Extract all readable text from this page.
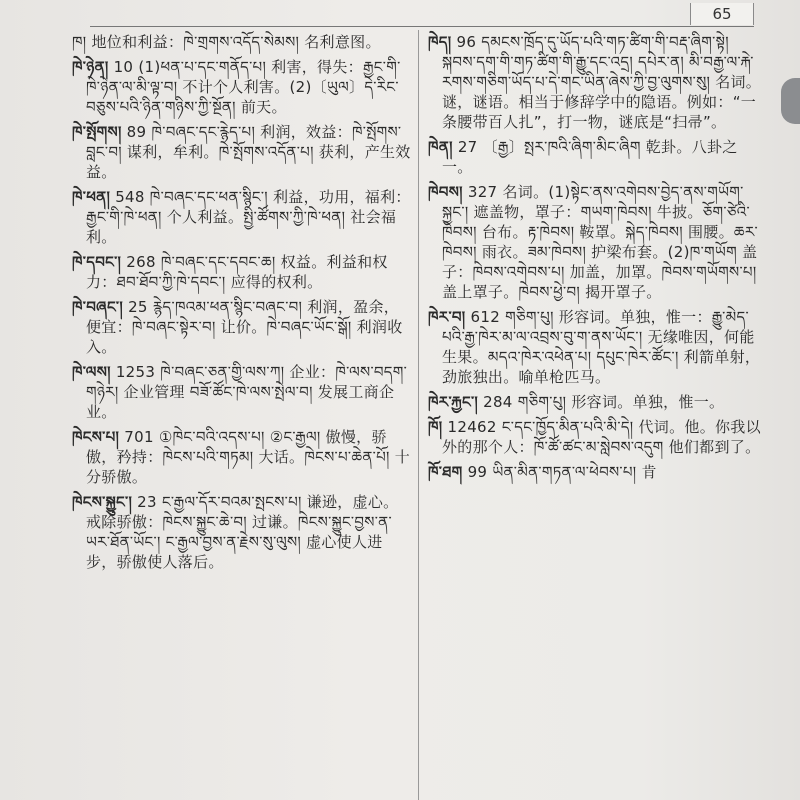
65

ཁ། 地位和利益：ཁེ་གྲགས་འདོད་སེམས། 名利意图。

ཁེ་ཉེན། 10 (1)ཕན་པ་དང་གནོད་པ། 利害，得失：རྒྱང་གི་ཁེ་ཉེན་ལ་མི་ལྟ་བ། 不计个人利害。(2)〔ཡུལ〕དེ་རིང་བཅུས་པའི་ཉིན་གཉིས་ཀྱི་སྔོན། 前天。

ཁེ་སྤོགས། 89 ཁེ་བཞང་དང་རྙེད་པ། 利润，效益：ཁེ་སྤོགས་བླང་བ། 谋利，牟利。ཁེ་སྤོགས་འདོན་པ། 获利，产生效益。

ཁེ་ཕན། 548 ཁེ་བཞང་དང་ཕན་སྙིང་། 利益，功用，福利：རྒྱང་གི་ཁེ་ཕན། 个人利益。སྤྱི་ཚོགས་ཀྱི་ཁེ་ཕན། 社会福利。

ཁེ་དབང་། 268 ཁེ་བཞང་དང་དབང་ཆ། 权益。利益和权力：ཐབ་ཐོབ་ཀྱི་ཁེ་དབང་། 应得的权利。

ཁེ་བཞང་། 25 རྙེད་ཁའམ་ཕན་སྙིང་བཞང་བ། 利润，盈余，便宜：ཁེ་བཞང་སྟེར་བ། 让价。ཁེ་བཞང་ཡོང་སྒོ། 利润收入。

ཁེ་ལས། 1253 ཁེ་བཞང་ཅན་གྱི་ལས་ཀ། 企业：ཁེ་ལས་བདག་གཉེར། 企业管理 བཟོ་ཚོང་ཁེ་ལས་སྤེལ་བ། 发展工商企业。

ཁེངས་པ། 701 ①ཁེང་བའི་འདས་པ། ②ང་རྒྱལ། 傲慢，骄傲，矜持：ཁེངས་པའི་གཏམ། 大话。ཁེངས་པ་ཆེན་པོ། 十分骄傲。

ཁེངས་སྐྱུང་། 23 ང་རྒྱལ་དོར་བའམ་སྤངས་པ། 谦逊，虚心。戒除骄傲：ཁེངས་སྐྱུང་ཆེ་བ། 过谦。ཁེངས་སྐྱུང་བྱས་ན་ཡར་ཐོན་ཡོང་། ང་རྒྱལ་བྱས་ན་རྗེས་སུ་ལུས། 虚心使人进步，骄傲使人落后。

ཁེད། 96 དམངས་ཁྲོད་དུ་ཡོད་པའི་གཏ་ཚིག་གི་བརྡ་ཞིག་སྟེ། སྐབས་དག་གི་གཏ་ཚིག་གི་རྒྱུ་དང་འདྲ། དཔེར་ན། མི་བརྒྱ་ལ་རྐེ་རགས་གཅིག་ཡོད་པ་དེ་གང་ཡིན་ཞེས་ཀྱི་བྱ་ལུགས་སུ། 名词。谜，谜语。相当于修辞学中的隐语。例如：“一条腰带百人扎”，打一物，谜底是“扫帚”。

ཁེན། 27 〔རྒྱ〕སྤར་ཁའི་ཞིག་མིང་ཞིག 乾卦。八卦之一。

ཁེབས། 327 名词。(1)སྟེང་ནས་འགེབས་བྱེད་ནས་གཡོག་སྐྱང་། 遮盖物，罩子：གཡག་ཁེབས། 牛披。ཅོག་ཙེའི་ཁེབས། 台布。རྟ་ཁེབས། 鞍罩。སྐེད་ཁེབས། 围腰。ཆར་ཁེབས། 雨衣。ཟམ་ཁེབས། 护梁布套。(2)ཁ་གཡོག 盖子：ཁེབས་འགེབས་པ། 加盖，加罩。ཁེབས་གཡོགས་པ། 盖上罩子。ཁེབས་ཕྱེ་བ། 揭开罩子。

ཁེར་བ། 612 གཅིག་པུ། 形容词。单独，惟一：རྒྱུ་མེད་པའི་རྒྱ་ཁེར་མ་ལ་འབྲས་བུ་ག་ནས་ཡོང་། 无缘唯因，何能生果。མདའ་ཁེར་འཕེན་པ། དཔུང་ཁེར་ཚོང་། 利箭单射，劲旅独出。喻单枪匹马。

ཁེར་རྐྱང་། 284 གཅིག་པུ། 形容词。单独，惟一。

ཁོ། 12462 ང་དང་ཁྱོད་མིན་པའི་མི་དེ། 代词。他。你我以外的那个人：ཁོ་ཚོ་ཚང་མ་སླེབས་འདུག 他们都到了。

ཁོ་ཐག 99 ཡིན་མིན་གཏན་ལ་ཕེབས་པ། 肯
